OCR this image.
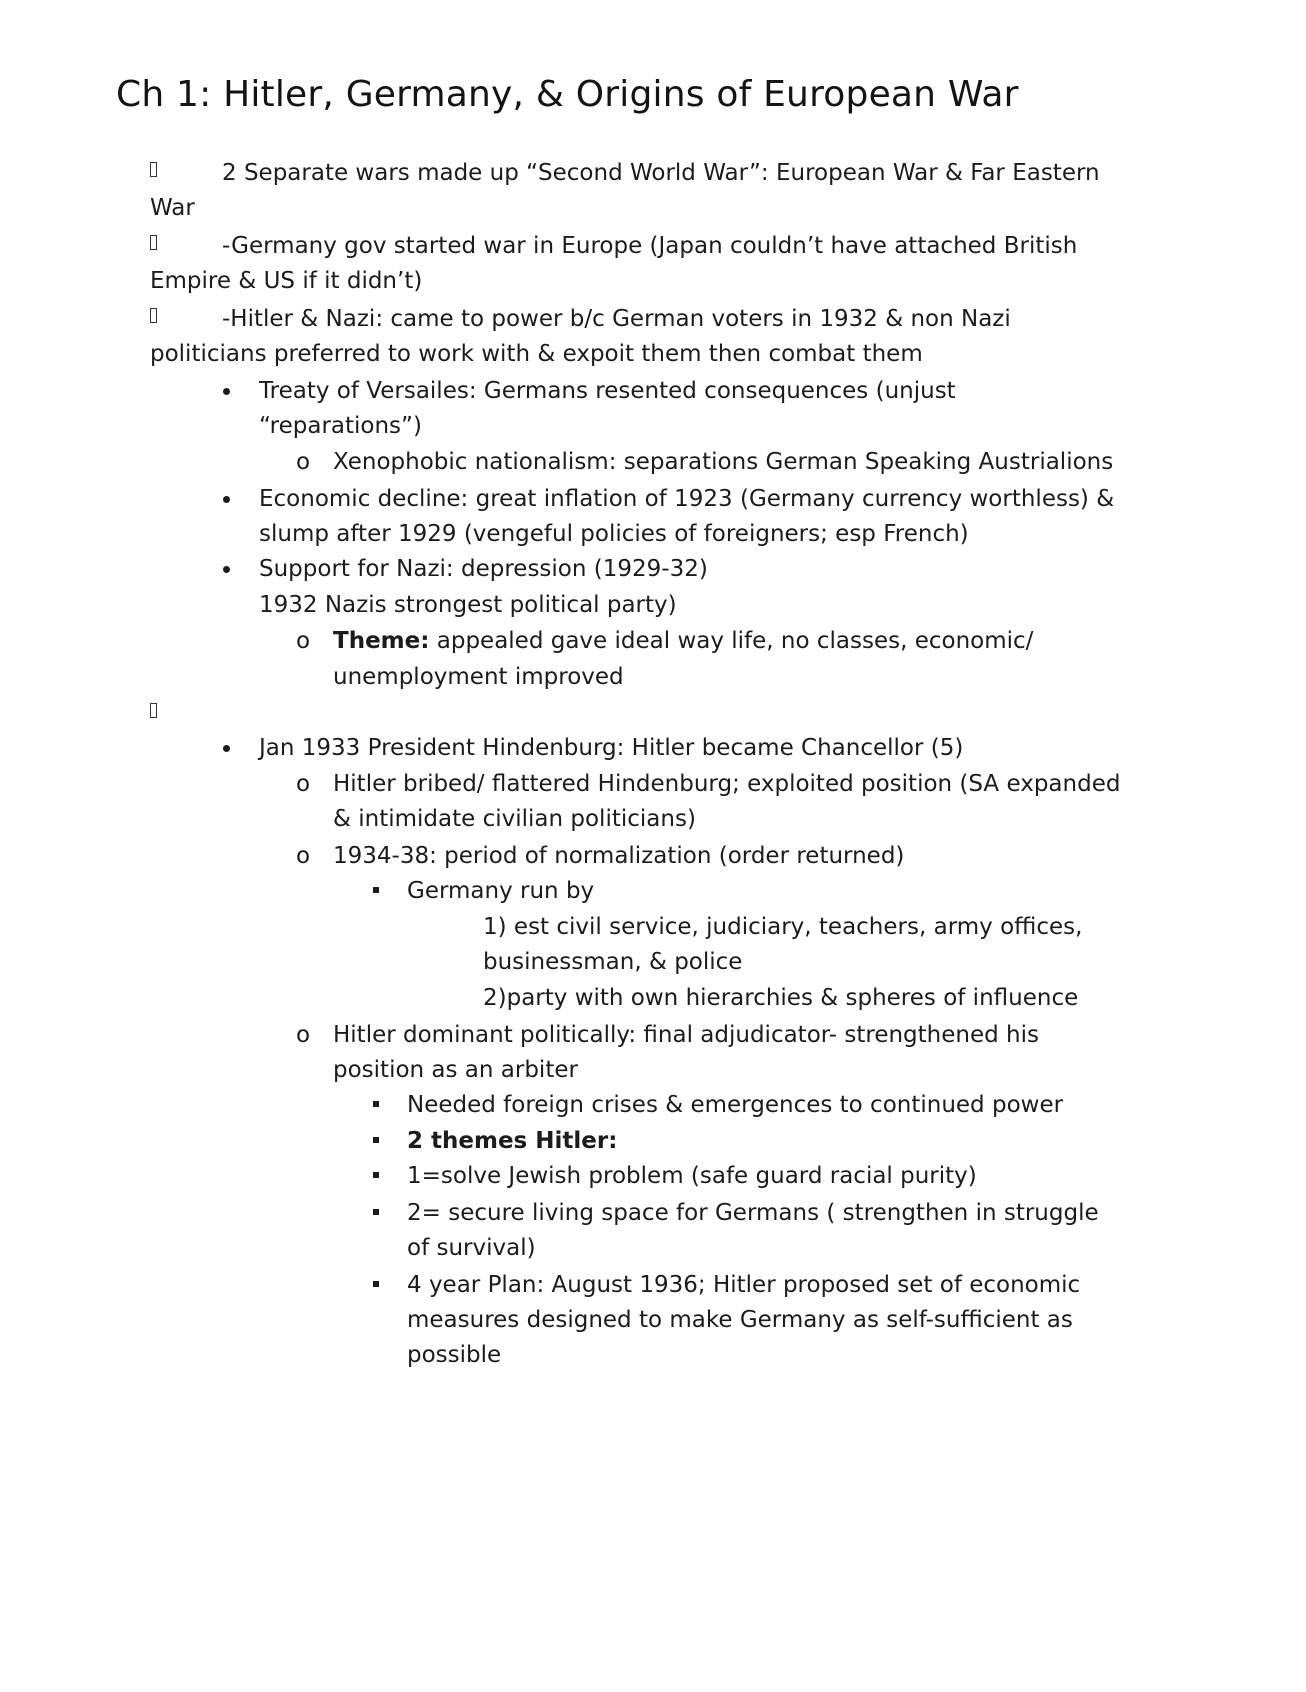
Ch 1: Hitler, Germany, & Origins of European War
2 Separate wars made up “Second World War”: European War & Far Eastern
War
-Germany gov started war in Europe (Japan couldn’t have attached British
Empire & US if it didn’t)
-Hitler & Nazi: came to power b/c German voters in 1932 & non Nazi
politicians preferred to work with & expoit them then combat them
Treaty of Versailes: Germans resented consequences (unjust
“reparations”)
o Xenophobic nationalism: separations German Speaking Austrialions
Economic decline: great inflation of 1923 (Germany currency worthless) &
slump after 1929 (vengeful policies of foreigners; esp French)
Support for Nazi: depression (1929-32)
1932 Nazis strongest political party)
o Theme: appealed gave ideal way life, no classes, economic/
unemployment improved
Jan 1933 President Hindenburg: Hitler became Chancellor (5)
o Hitler bribed/ flattered Hindenburg; exploited position (SA expanded
& intimidate civilian politicians)
o 1934-38: period of normalization (order returned)
Germany run by
1) est civil service, judiciary, teachers, army offices,
businessman, & police
2)party with own hierarchies & spheres of influence
o Hitler dominant politically: final adjudicator- strengthened his
position as an arbiter
Needed foreign crises & emergences to continued power
2 themes Hitler:
1=solve Jewish problem (safe guard racial purity)
2= secure living space for Germans ( strengthen in struggle
of survival)
4 year Plan: August 1936; Hitler proposed set of economic
measures designed to make Germany as self-sufficient as
possible
